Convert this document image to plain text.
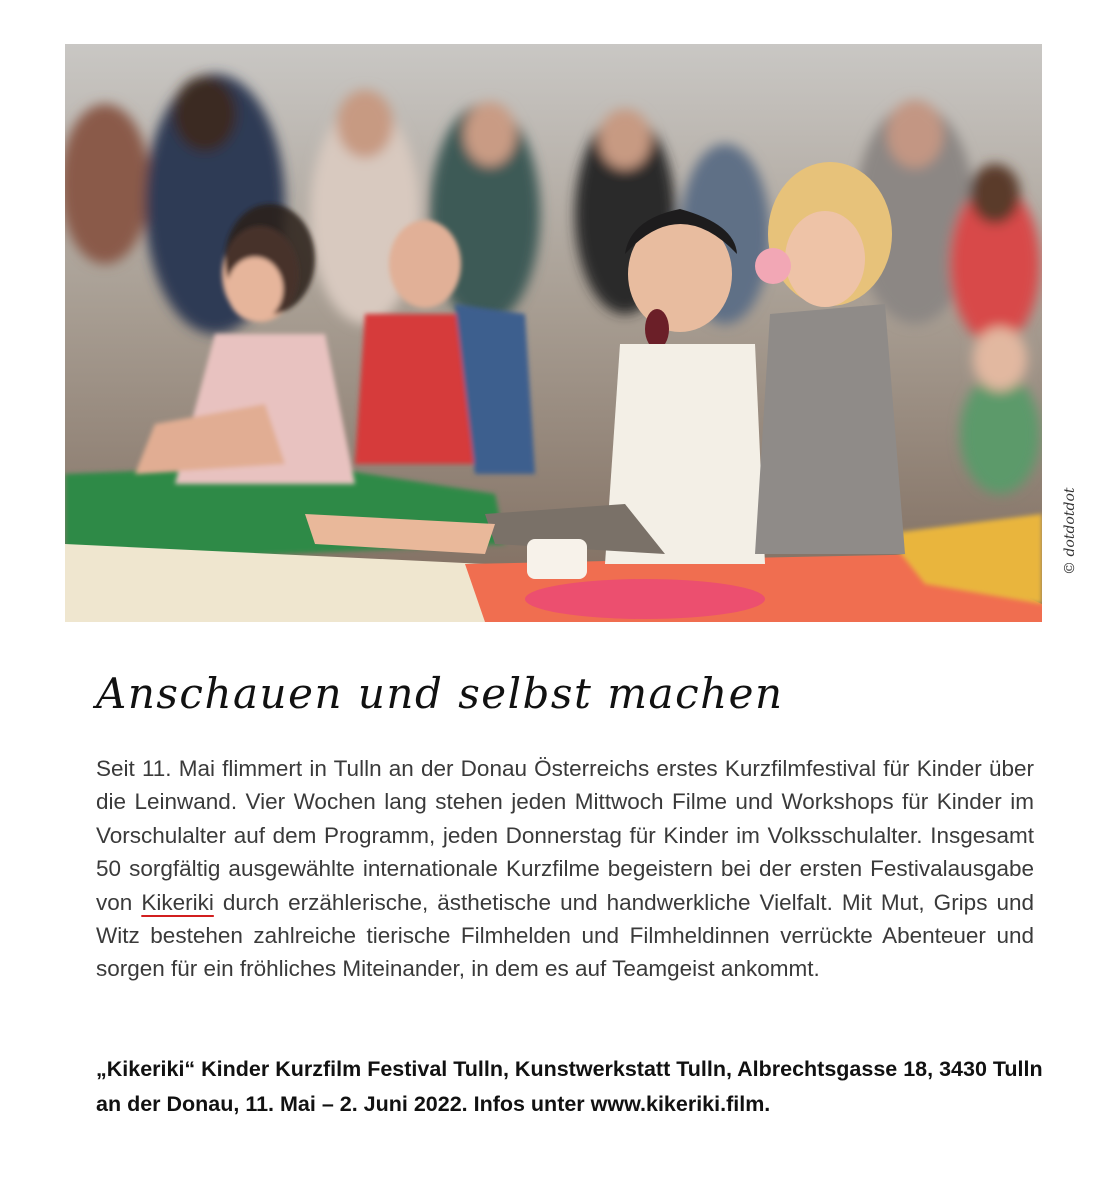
© dotdotdot
Anschauen und selbst machen

Seit 11. Mai flimmert in Tulln an der Donau Österreichs erstes Kurzfilmfestival für Kinder über die Leinwand. Vier Wochen lang stehen jeden Mittwoch Filme und Workshops für Kinder im Vorschulalter auf dem Programm, jeden Donnerstag für Kinder im Volksschulalter. Insgesamt 50 sorgfältig ausgewählte internationale Kurzfilme begeistern bei der ersten Festivalausgabe von Kikeriki durch erzählerische, ästhetische und handwerkliche Vielfalt. Mit Mut, Grips und Witz bestehen zahlreiche tierische Filmhelden und Filmheldinnen verrückte Abenteuer und sorgen für ein fröhliches Miteinander, in dem es auf Teamgeist ankommt.

„Kikeriki“ Kinder Kurzfilm Festival Tulln, Kunstwerkstatt Tulln, Albrechtsgasse 18, 3430 Tulln an der Donau, 11. Mai – 2. Juni 2022. Infos unter www.kikeriki.film.
